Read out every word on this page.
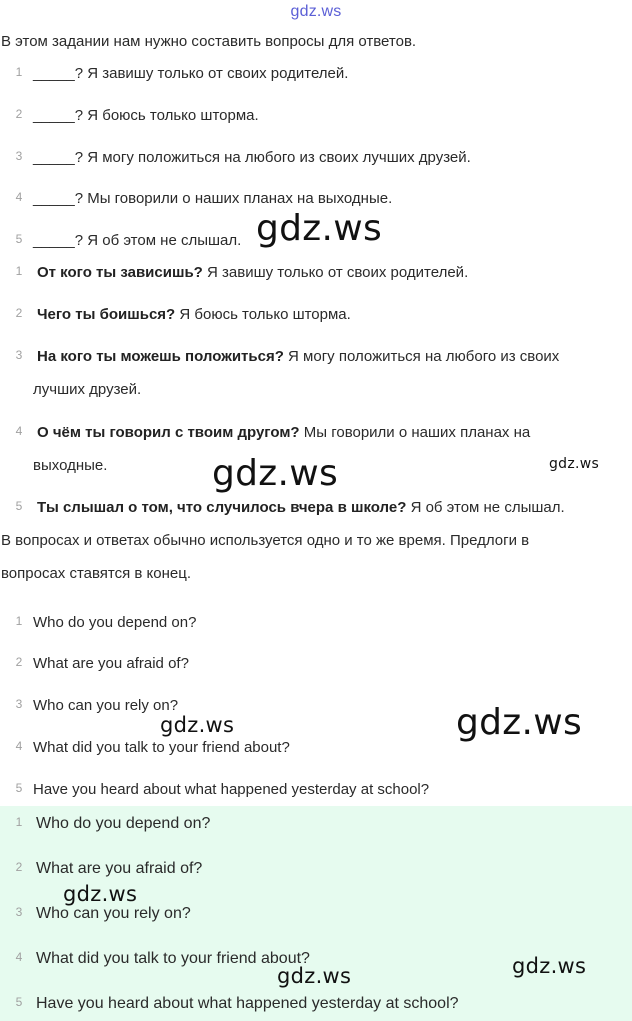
gdz.ws
В этом задании нам нужно составить вопросы для ответов.
1 _____? Я завишу только от своих родителей.
2 _____? Я боюсь только шторма.
3 _____? Я могу положиться на любого из своих лучших друзей.
4 _____? Мы говорили о наших планах на выходные.
5 _____? Я об этом не слышал.
1 От кого ты зависишь? Я завишу только от своих родителей.
2 Чего ты боишься? Я боюсь только шторма.
3 На кого ты можешь положиться? Я могу положиться на любого из своих
лучших друзей.
4 О чём ты говорил с твоим другом? Мы говорили о наших планах на
выходные.
5 Ты слышал о том, что случилось вчера в школе? Я об этом не слышал.
В вопросах и ответах обычно используется одно и то же время. Предлоги в
вопросах ставятся в конец.
1 Who do you depend on?
2 What are you afraid of?
3 Who can you rely on?
4 What did you talk to your friend about?
5 Have you heard about what happened yesterday at school?
1 Who do you depend on?
2 What are you afraid of?
3 Who can you rely on?
4 What did you talk to your friend about?
5 Have you heard about what happened yesterday at school?
gdz.ws
gdz.ws	gdz.ws
gdz.ws	gdz.ws
gdz.ws
gdz.ws	gdz.ws
